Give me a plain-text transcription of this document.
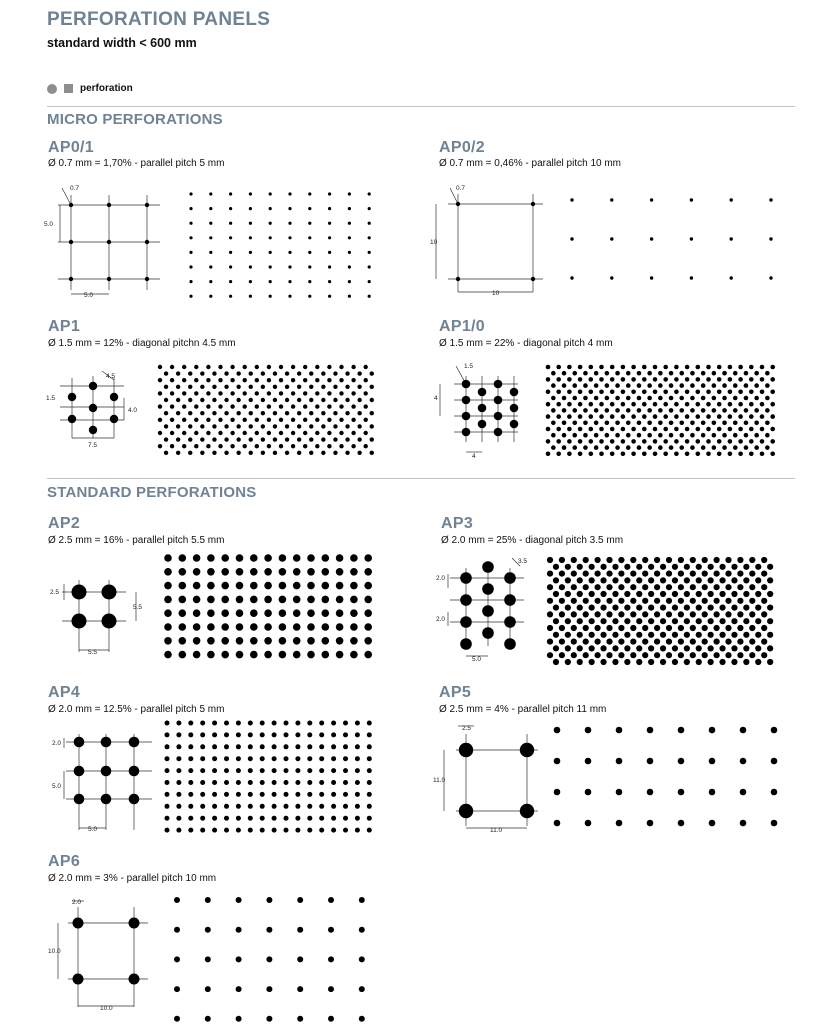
PERFORATION PANELS
standard width < 600 mm
perforation
MICRO PERFORATIONS
AP0/1
Ø 0.7 mm = 1,70% - parallel pitch 5 mm
0.7
5.0
5.0
AP0/2
Ø 0.7 mm = 0,46% - parallel pitch 10 mm
0.7
10
10
AP1
Ø 1.5 mm = 12% - diagonal pitchn 4.5 mm
4.5
1.5
4.0
7.5
AP1/0
Ø 1.5 mm = 22% - diagonal pitch 4 mm
1.5
4
4
STANDARD PERFORATIONS
AP2
Ø 2.5 mm = 16% - parallel pitch 5.5 mm
2.5
5.5
5.5
AP3
Ø 2.0 mm = 25% - diagonal pitch 3.5 mm
3.5
2.0
2.0
5.0
AP4
Ø 2.0 mm = 12.5% - parallel pitch 5 mm
2.0
5.0
5.0
AP5
Ø 2.5 mm = 4% - parallel pitch 11 mm
2.5
11.0
11.0
AP6
Ø 2.0 mm = 3% - parallel pitch 10 mm
2.0
10.0
10.0
